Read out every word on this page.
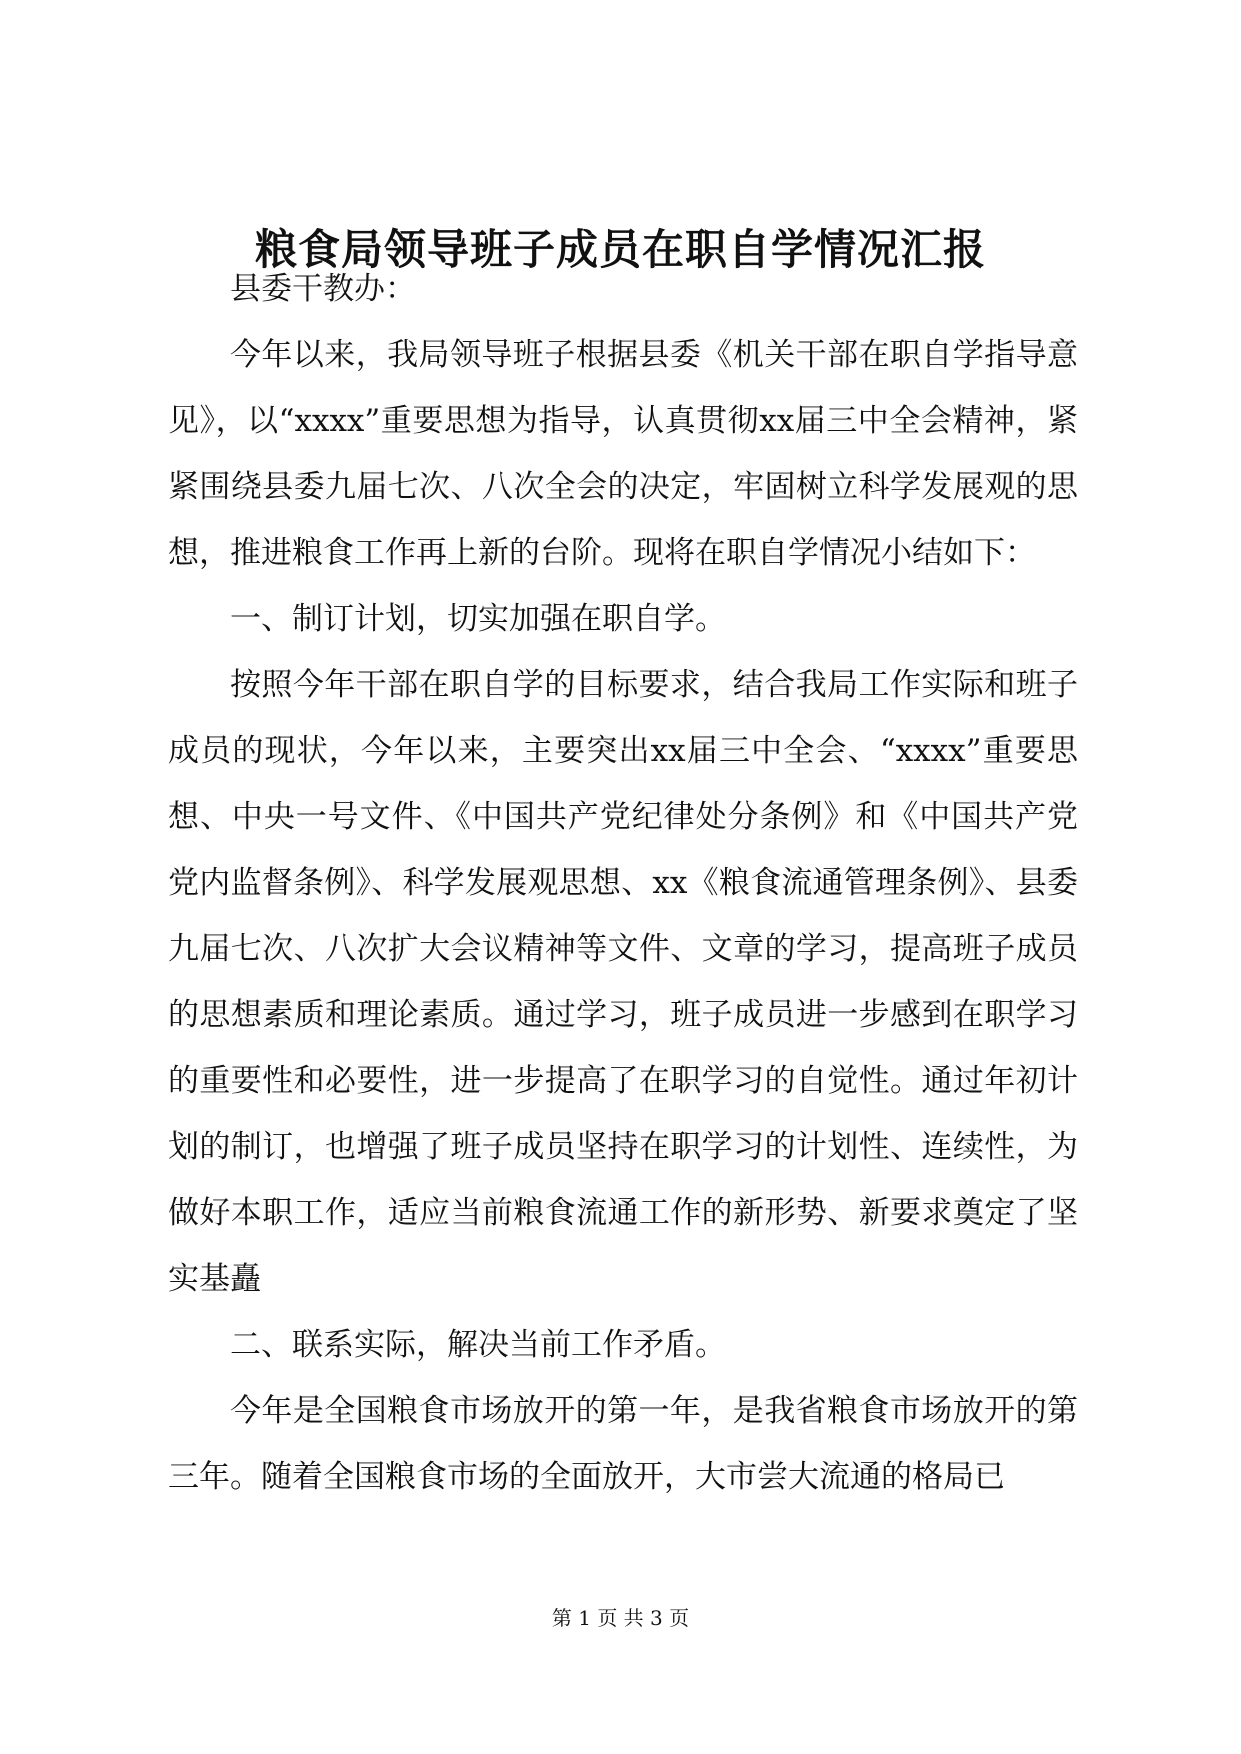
粮食局领导班子成员在职自学情况汇报

县委干教办：

今年以来，我局领导班子根据县委《机关干部在职自学指导意见》，以“xxxx”重要思想为指导，认真贯彻xx届三中全会精神，紧紧围绕县委九届七次、八次全会的决定，牢固树立科学发展观的思想，推进粮食工作再上新的台阶。现将在职自学情况小结如下：

一、制订计划，切实加强在职自学。

按照今年干部在职自学的目标要求，结合我局工作实际和班子成员的现状，今年以来，主要突出xx届三中全会、“xxxx”重要思想、中央一号文件、《中国共产党纪律处分条例》和《中国共产党党内监督条例》、科学发展观思想、xx《粮食流通管理条例》、县委九届七次、八次扩大会议精神等文件、文章的学习，提高班子成员的思想素质和理论素质。通过学习，班子成员进一步感到在职学习的重要性和必要性，进一步提高了在职学习的自觉性。通过年初计划的制订，也增强了班子成员坚持在职学习的计划性、连续性，为做好本职工作，适应当前粮食流通工作的新形势、新要求奠定了坚实基矗

二、联系实际，解决当前工作矛盾。

今年是全国粮食市场放开的第一年，是我省粮食市场放开的第三年。随着全国粮食市场的全面放开，大市尝大流通的格局已

第 1 页 共 3 页
